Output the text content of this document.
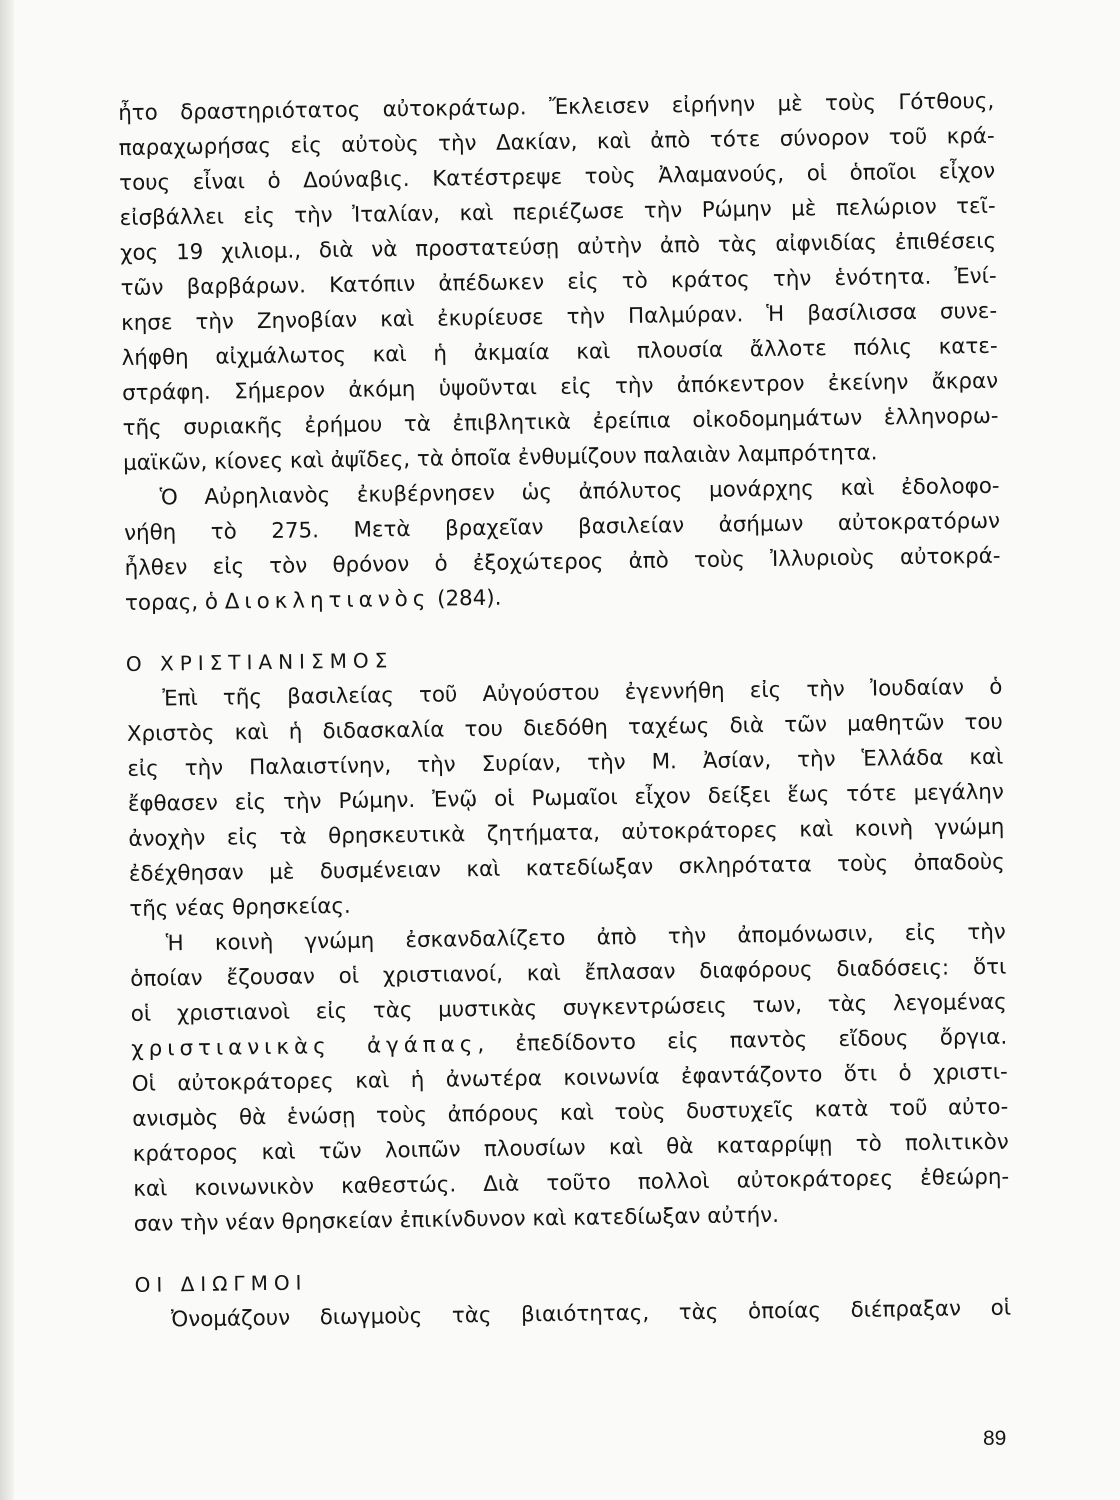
ἦτο δραστηριότατος αὐτοκράτωρ. Ἔκλεισεν εἰρήνην μὲ τοὺς Γότθους,
παραχωρήσας εἰς αὐτοὺς τὴν Δακίαν, καὶ ἀπὸ τότε σύνορον τοῦ κρά-
τους εἶναι ὁ Δούναβις. Κατέστρεψε τοὺς Ἀλαμανούς, οἱ ὁποῖοι εἶχον
εἰσβάλλει εἰς τὴν Ἰταλίαν, καὶ περιέζωσε τὴν Ρώμην μὲ πελώριον τεῖ-
χος 19 χιλιομ., διὰ νὰ προστατεύσῃ αὐτὴν ἀπὸ τὰς αἰφνιδίας ἐπιθέσεις
τῶν βαρβάρων. Κατόπιν ἀπέδωκεν εἰς τὸ κράτος τὴν ἑνότητα. Ἐνί-
κησε τὴν Ζηνοβίαν καὶ ἐκυρίευσε τὴν Παλμύραν. Ἡ βασίλισσα συνε-
λήφθη αἰχμάλωτος καὶ ἡ ἀκμαία καὶ πλουσία ἄλλοτε πόλις κατε-
στράφη. Σήμερον ἀκόμη ὑψοῦνται εἰς τὴν ἀπόκεντρον ἐκείνην ἄκραν
τῆς συριακῆς ἐρήμου τὰ ἐπιβλητικὰ ἐρείπια οἰκοδομημάτων ἑλληνορω-
μαϊκῶν, κίονες καὶ ἀψῖδες, τὰ ὁποῖα ἐνθυμίζουν παλαιὰν λαμπρότητα.
Ὁ Αὐρηλιανὸς ἐκυβέρνησεν ὡς ἀπόλυτος μονάρχης καὶ ἐδολοφο-
νήθη τὸ 275. Μετὰ βραχεῖαν βασιλείαν ἀσήμων αὐτοκρατόρων
ἦλθεν εἰς τὸν θρόνον ὁ ἐξοχώτερος ἀπὸ τοὺς Ἰλλυριοὺς αὐτοκρά-
τορας, ὁ Διοκλητιανὸς (284).
Ο ΧΡΙΣΤΙΑΝΙΣΜΟΣ
Ἐπὶ τῆς βασιλείας τοῦ Αὐγούστου ἐγεννήθη εἰς τὴν Ἰουδαίαν ὁ
Χριστὸς καὶ ἡ διδασκαλία του διεδόθη ταχέως διὰ τῶν μαθητῶν του
εἰς τὴν Παλαιστίνην, τὴν Συρίαν, τὴν Μ. Ἀσίαν, τὴν Ἑλλάδα καὶ
ἔφθασεν εἰς τὴν Ρώμην. Ἐνῷ οἱ Ρωμαῖοι εἶχον δείξει ἕως τότε μεγάλην
ἀνοχὴν εἰς τὰ θρησκευτικὰ ζητήματα, αὐτοκράτορες καὶ κοινὴ γνώμη
ἐδέχθησαν μὲ δυσμένειαν καὶ κατεδίωξαν σκληρότατα τοὺς ὀπαδοὺς
τῆς νέας θρησκείας.
Ἡ κοινὴ γνώμη ἐσκανδαλίζετο ἀπὸ τὴν ἀπομόνωσιν, εἰς τὴν
ὁποίαν ἔζουσαν οἱ χριστιανοί, καὶ ἔπλασαν διαφόρους διαδόσεις: ὅτι
οἱ χριστιανοὶ εἰς τὰς μυστικὰς συγκεντρώσεις των, τὰς λεγομένας
χριστιανικὰς ἀγάπας, ἐπεδίδοντο εἰς παντὸς εἴδους ὄργια.
Οἱ αὐτοκράτορες καὶ ἡ ἀνωτέρα κοινωνία ἐφαντάζοντο ὅτι ὁ χριστι-
ανισμὸς θὰ ἑνώσῃ τοὺς ἀπόρους καὶ τοὺς δυστυχεῖς κατὰ τοῦ αὐτο-
κράτορος καὶ τῶν λοιπῶν πλουσίων καὶ θὰ καταρρίψῃ τὸ πολιτικὸν
καὶ κοινωνικὸν καθεστώς. Διὰ τοῦτο πολλοὶ αὐτοκράτορες ἐθεώρη-
σαν τὴν νέαν θρησκείαν ἐπικίνδυνον καὶ κατεδίωξαν αὐτήν.
ΟΙ ΔΙΩΓΜΟΙ
Ὀνομάζουν διωγμοὺς τὰς βιαιότητας, τὰς ὁποίας διέπραξαν οἱ
89
